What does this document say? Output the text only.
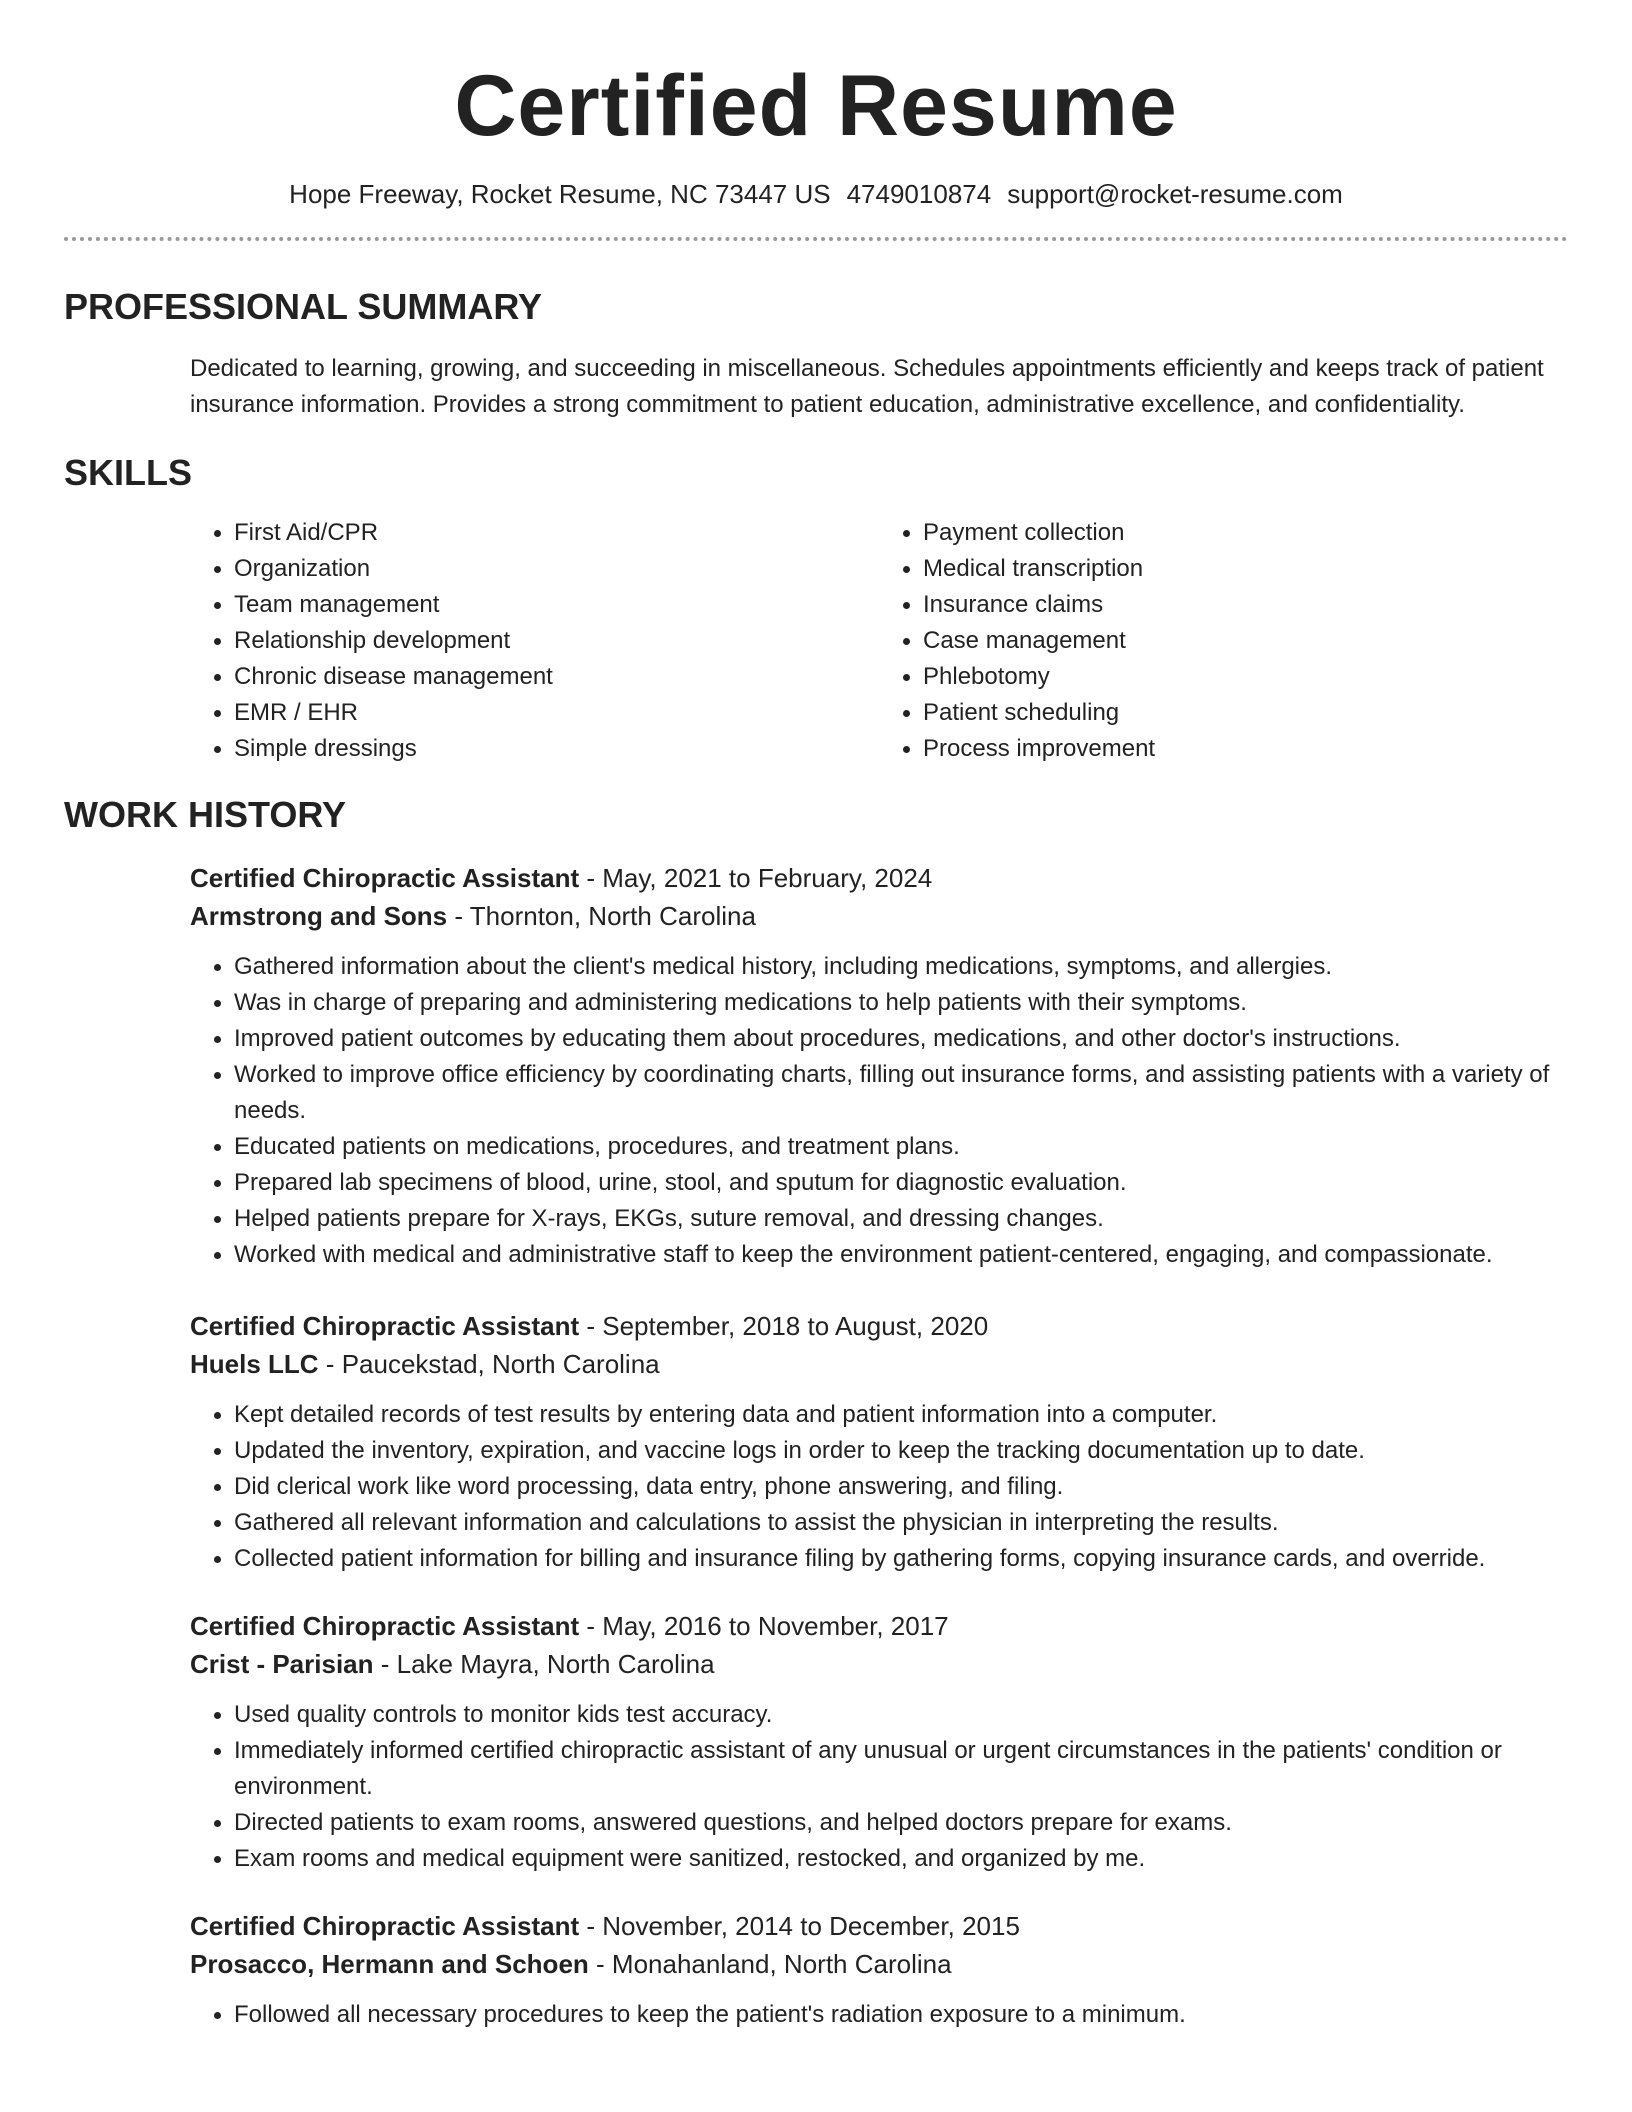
Certified Resume
Hope Freeway, Rocket Resume, NC 73447 US 4749010874 support@rocket-resume.com
PROFESSIONAL SUMMARY
Dedicated to learning, growing, and succeeding in miscellaneous. Schedules appointments efficiently and keeps track of patient insurance information. Provides a strong commitment to patient education, administrative excellence, and confidentiality.
SKILLS
• First Aid/CPR
• Organization
• Team management
• Relationship development
• Chronic disease management
• EMR / EHR
• Simple dressings
• Payment collection
• Medical transcription
• Insurance claims
• Case management
• Phlebotomy
• Patient scheduling
• Process improvement
WORK HISTORY
Certified Chiropractic Assistant - May, 2021 to February, 2024
Armstrong and Sons - Thornton, North Carolina
• Gathered information about the client's medical history, including medications, symptoms, and allergies.
• Was in charge of preparing and administering medications to help patients with their symptoms.
• Improved patient outcomes by educating them about procedures, medications, and other doctor's instructions.
• Worked to improve office efficiency by coordinating charts, filling out insurance forms, and assisting patients with a variety of needs.
• Educated patients on medications, procedures, and treatment plans.
• Prepared lab specimens of blood, urine, stool, and sputum for diagnostic evaluation.
• Helped patients prepare for X-rays, EKGs, suture removal, and dressing changes.
• Worked with medical and administrative staff to keep the environment patient-centered, engaging, and compassionate.
Certified Chiropractic Assistant - September, 2018 to August, 2020
Huels LLC - Paucekstad, North Carolina
• Kept detailed records of test results by entering data and patient information into a computer.
• Updated the inventory, expiration, and vaccine logs in order to keep the tracking documentation up to date.
• Did clerical work like word processing, data entry, phone answering, and filing.
• Gathered all relevant information and calculations to assist the physician in interpreting the results.
• Collected patient information for billing and insurance filing by gathering forms, copying insurance cards, and override.
Certified Chiropractic Assistant - May, 2016 to November, 2017
Crist - Parisian - Lake Mayra, North Carolina
• Used quality controls to monitor kids test accuracy.
• Immediately informed certified chiropractic assistant of any unusual or urgent circumstances in the patients' condition or environment.
• Directed patients to exam rooms, answered questions, and helped doctors prepare for exams.
• Exam rooms and medical equipment were sanitized, restocked, and organized by me.
Certified Chiropractic Assistant - November, 2014 to December, 2015
Prosacco, Hermann and Schoen - Monahanland, North Carolina
• Followed all necessary procedures to keep the patient's radiation exposure to a minimum.
